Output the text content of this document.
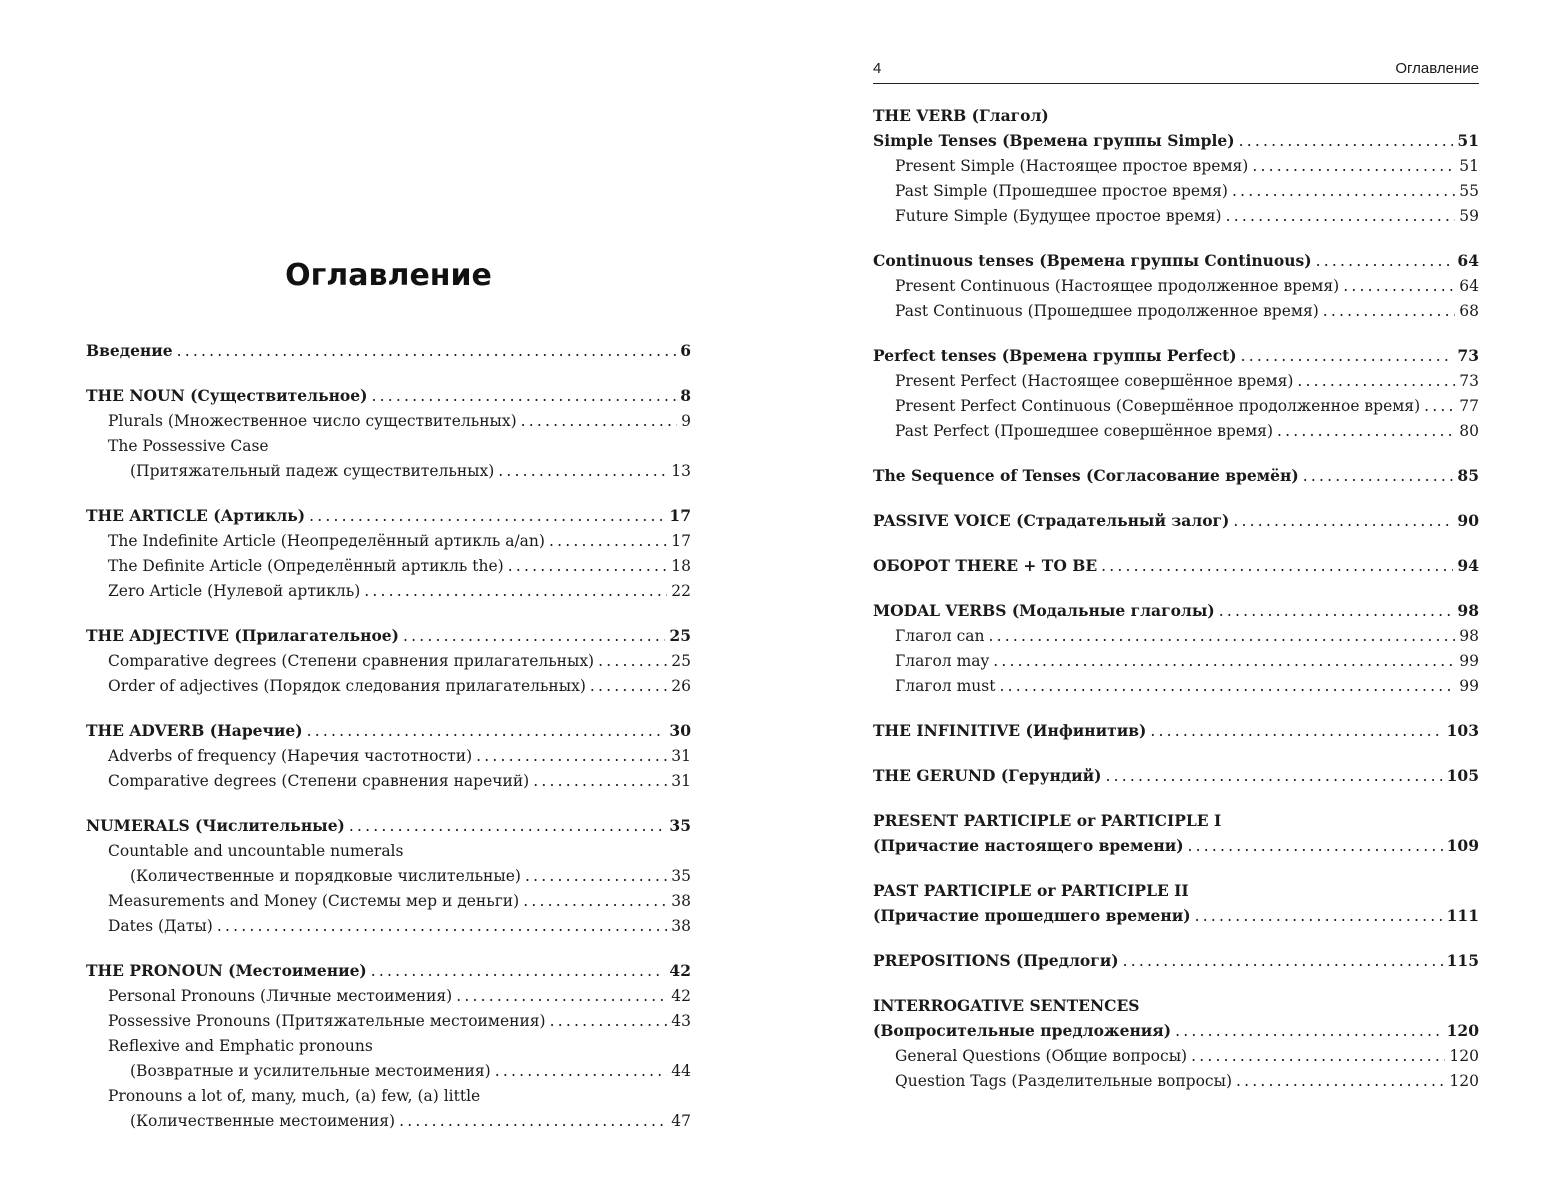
Оглавление
Введение .....	6
THE NOUN (Существительное) .....	8
Plurals (Множественное число существительных) .....	9
The Possessive Case
(Притяжательный падеж существительных) .....	13
THE ARTICLE (Артикль) .....	17
The Indefinite Article (Неопределённый артикль a/an) .....	17
The Definite Article (Определённый артикль the) .....	18
Zero Article (Нулевой артикль) .....	22
THE ADJECTIVE (Прилагательное) .....	25
Comparative degrees (Степени сравнения прилагательных) .....	25
Order of adjectives (Порядок следования прилагательных) .....	26
THE ADVERB (Наречие) .....	30
Adverbs of frequency (Наречия частотности) .....	31
Comparative degrees (Степени сравнения наречий) .....	31
NUMERALS (Числительные) .....	35
Countable and uncountable numerals
(Количественные и порядковые числительные) .....	35
Measurements and Money (Системы мер и деньги) .....	38
Dates (Даты) .....	38
THE PRONOUN (Местоимение) .....	42
Personal Pronouns (Личные местоимения) .....	42
Possessive Pronouns (Притяжательные местоимения) .....	43
Reflexive and Emphatic pronouns
(Возвратные и усилительные местоимения) .....	44
Pronouns a lot of, many, much, (a) few, (a) little
(Количественные местоимения) .....	47
4	Оглавление
THE VERB (Глагол)
Simple Tenses (Времена группы Simple) .....	51
Present Simple (Настоящее простое время) .....	51
Past Simple (Прошедшее простое время) .....	55
Future Simple (Будущее простое время) .....	59
Continuous tenses (Времена группы Continuous) .....	64
Present Continuous (Настоящее продолженное время) .....	64
Past Continuous (Прошедшее продолженное время) .....	68
Perfect tenses (Времена группы Perfect) .....	73
Present Perfect (Настоящее совершённое время) .....	73
Present Perfect Continuous (Совершённое продолженное время) .....	77
Past Perfect (Прошедшее совершённое время) .....	80
The Sequence of Tenses (Согласование времён) .....	85
PASSIVE VOICE (Страдательный залог) .....	90
ОБОРОТ THERE + TO BE .....	94
MODAL VERBS (Модальные глаголы) .....	98
Глагол can .....	98
Глагол may .....	99
Глагол must .....	99
THE INFINITIVE (Инфинитив) .....	103
THE GERUND (Герундий) .....	105
PRESENT PARTICIPLE or PARTICIPLE I
(Причастие настоящего времени) .....	109
PAST PARTICIPLE or PARTICIPLE II
(Причастие прошедшего времени) .....	111
PREPOSITIONS (Предлоги) .....	115
INTERROGATIVE SENTENCES
(Вопросительные предложения) .....	120
General Questions (Общие вопросы) .....	120
Question Tags (Разделительные вопросы) .....	120
